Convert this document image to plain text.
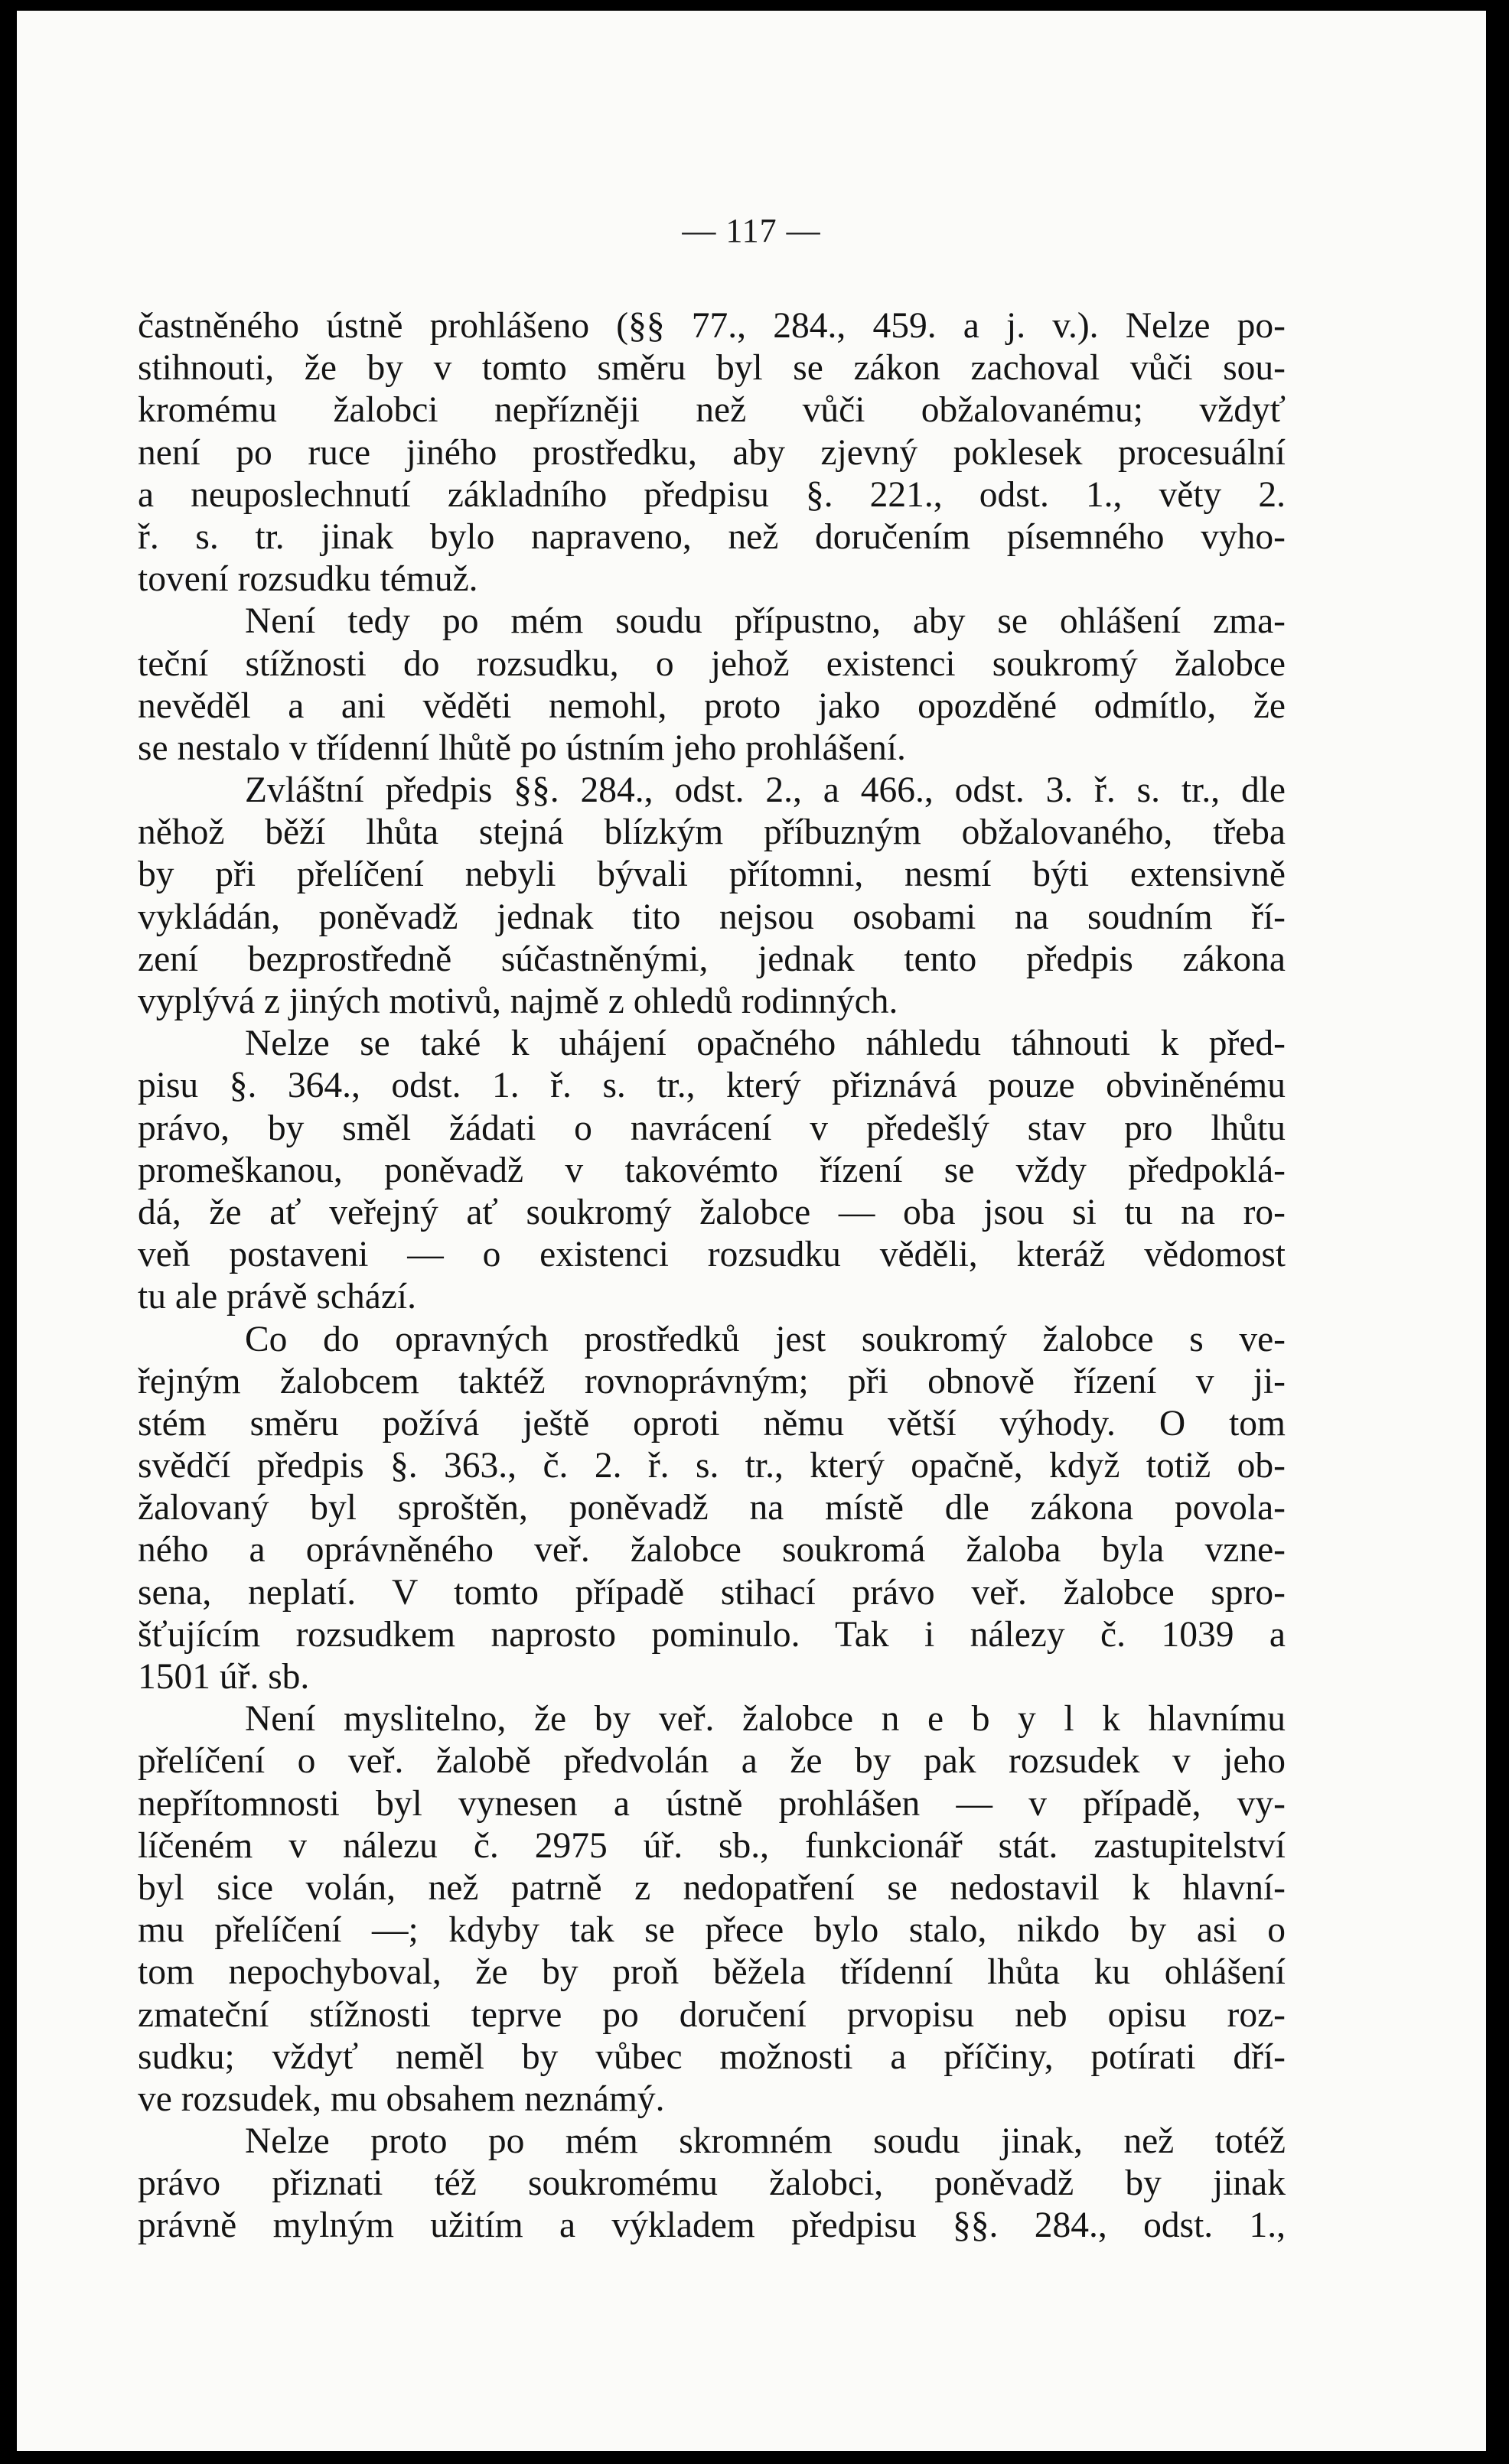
— 117 —
častněného ústně prohlášeno (§§ 77., 284., 459. a j. v.). Nelze po-
stihnouti, že by v tomto směru byl se zákon zachoval vůči sou-
kromému žalobci nepřízněji než vůči obžalovanému; vždyť
není po ruce jiného prostředku, aby zjevný poklesek procesuální
a neuposlechnutí základního předpisu §. 221., odst. 1., věty 2.
ř. s. tr. jinak bylo napraveno, než doručením písemného vyho-
tovení rozsudku témuž.
Není tedy po mém soudu přípustno, aby se ohlášení zma-
teční stížnosti do rozsudku, o jehož existenci soukromý žalobce
nevěděl a ani věděti nemohl, proto jako opozděné odmítlo, že
se nestalo v třídenní lhůtě po ústním jeho prohlášení.
Zvláštní předpis §§. 284., odst. 2., a 466., odst. 3. ř. s. tr., dle
něhož běží lhůta stejná blízkým příbuzným obžalovaného, třeba
by při přelíčení nebyli bývali přítomni, nesmí býti extensivně
vykládán, poněvadž jednak tito nejsou osobami na soudním ří-
zení bezprostředně súčastněnými, jednak tento předpis zákona
vyplývá z jiných motivů, najmě z ohledů rodinných.
Nelze se také k uhájení opačného náhledu táhnouti k před-
pisu §. 364., odst. 1. ř. s. tr., který přiznává pouze obviněnému
právo, by směl žádati o navrácení v předešlý stav pro lhůtu
promeškanou, poněvadž v takovémto řízení se vždy předpoklá-
dá, že ať veřejný ať soukromý žalobce — oba jsou si tu na ro-
veň postaveni — o existenci rozsudku věděli, kteráž vědomost
tu ale právě schází.
Co do opravných prostředků jest soukromý žalobce s ve-
řejným žalobcem taktéž rovnoprávným; při obnově řízení v ji-
stém směru požívá ještě oproti němu větší výhody. O tom
svědčí předpis §. 363., č. 2. ř. s. tr., který opačně, když totiž ob-
žalovaný byl sproštěn, poněvadž na místě dle zákona povola-
ného a oprávněného veř. žalobce soukromá žaloba byla vzne-
sena, neplatí. V tomto případě stihací právo veř. žalobce spro-
šťujícím rozsudkem naprosto pominulo. Tak i nálezy č. 1039 a
1501 úř. sb.
Není myslitelno, že by veř. žalobce n e b y l k hlavnímu
přelíčení o veř. žalobě předvolán a že by pak rozsudek v jeho
nepřítomnosti byl vynesen a ústně prohlášen — v případě, vy-
líčeném v nálezu č. 2975 úř. sb., funkcionář stát. zastupitelství
byl sice volán, než patrně z nedopatření se nedostavil k hlavní-
mu přelíčení —; kdyby tak se přece bylo stalo, nikdo by asi o
tom nepochyboval, že by proň běžela třídenní lhůta ku ohlášení
zmateční stížnosti teprve po doručení prvopisu neb opisu roz-
sudku; vždyť neměl by vůbec možnosti a příčiny, potírati dří-
ve rozsudek, mu obsahem neznámý.
Nelze proto po mém skromném soudu jinak, než totéž
právo přiznati též soukromému žalobci, poněvadž by jinak
právně mylným užitím a výkladem předpisu §§. 284., odst. 1.,
